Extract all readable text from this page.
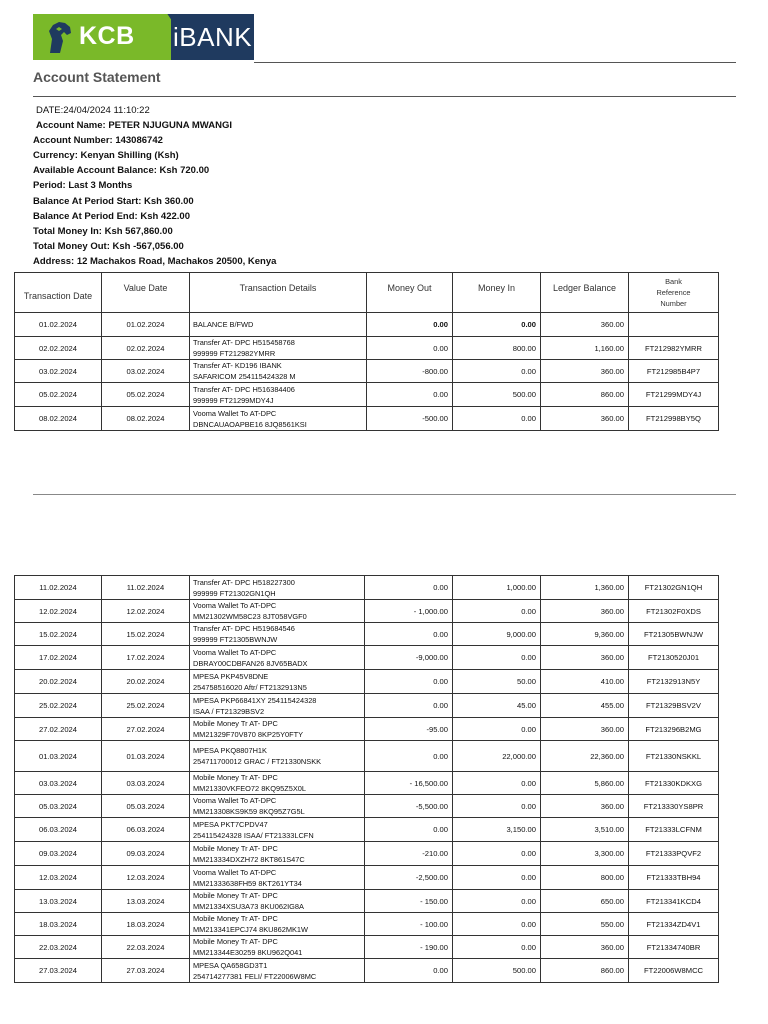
KCB iBANK
Account Statement
DATE:24/04/2024 11:10:22
Account Name: PETER NJUGUNA MWANGI
Account Number: 143086742
Currency: Kenyan Shilling (Ksh)
Available Account Balance: Ksh 720.00
Period: Last 3 Months
Balance At Period Start: Ksh 360.00
Balance At Period End: Ksh 422.00
Total Money In: Ksh 567,860.00
Total Money Out: Ksh -567,056.00
Address: 12 Machakos Road, Machakos 20500, Kenya
Transaction Date	Value Date	Transaction Details	Money Out	Money In	Ledger Balance	Bank
Reference
Number

01.02.2024	01.02.2024	BALANCE B/FWD	0.00	0.00	360.00	
02.02.2024	02.02.2024	Transfer AT- DPC H515458768
999999 FT212982YMRR	0.00	800.00	1,160.00	FT212982YMRR
03.02.2024	03.02.2024	Transfer AT- KD196 IBANK
SAFARICOM 254115424328 M	-800.00	0.00	360.00	FT212985B4P7
05.02.2024	05.02.2024	Transfer AT- DPC H516384406
999999 FT21299MDY4J	0.00	500.00	860.00	FT21299MDY4J
08.02.2024	08.02.2024	Vooma Wallet To AT-DPC
DBNCAUAOAPBE16 8JQ8561KSI	-500.00	0.00	360.00	FT212998BY5Q
11.02.2024	11.02.2024	Transfer AT- DPC H518227300
999999 FT21302GN1QH	0.00	1,000.00	1,360.00	FT21302GN1QH
12.02.2024	12.02.2024	Vooma Wallet To AT-DPC
MM21302WM58C23 8JT058VGF0	- 1,000.00	0.00	360.00	FT21302F0XDS
15.02.2024	15.02.2024	Transfer AT- DPC H519684546
999999 FT21305BWNJW	0.00	9,000.00	9,360.00	FT21305BWNJW
17.02.2024	17.02.2024	Vooma Wallet To AT-DPC
DBRAY00CDBFAN26 8JV65BADX	-9,000.00	0.00	360.00	FT2130520J01
20.02.2024	20.02.2024	MPESA PKP45V8DNE
254758516020 Aftr/ FT2132913N5	0.00	50.00	410.00	FT2132913N5Y
25.02.2024	25.02.2024	MPESA PKP66841XY 254115424328
ISAA / FT21329BSV2	0.00	45.00	455.00	FT21329BSV2V
27.02.2024	27.02.2024	Mobile Money Tr AT- DPC
MM21329F70V870 8KP25Y0FTY	-95.00	0.00	360.00	FT213296B2MG
01.03.2024	01.03.2024	MPESA PKQ8807H1K
254711700012 GRAC / FT21330NSKK	0.00	22,000.00	22,360.00	FT21330NSKKL
03.03.2024	03.03.2024	Mobile Money Tr AT- DPC
MM21330VKFEO72 8KQ95Z5X0L	- 16,500.00	0.00	5,860.00	FT21330KDKXG
05.03.2024	05.03.2024	Vooma Wallet To AT-DPC
MM213308KS9K59 8KQ95Z7G5L	-5,500.00	0.00	360.00	FT213330YS8PR
06.03.2024	06.03.2024	MPESA PKT7CPDV47
254115424328 ISAA/ FT21333LCFN	0.00	3,150.00	3,510.00	FT21333LCFNM
09.03.2024	09.03.2024	Mobile Money Tr AT- DPC
MM213334DXZH72 8KT861S47C	-210.00	0.00	3,300.00	FT21333PQVF2
12.03.2024	12.03.2024	Vooma Wallet To AT-DPC
MM21333638FH59 8KT261YT34	-2,500.00	0.00	800.00	FT21333TBH94
13.03.2024	13.03.2024	Mobile Money Tr AT- DPC
MM21334XSU3A73 8KU062IG8A	- 150.00	0.00	650.00	FT213341KCD4
18.03.2024	18.03.2024	Mobile Money Tr AT- DPC
MM213341EPCJ74 8KU862MK1W	- 100.00	0.00	550.00	FT21334ZD4V1
22.03.2024	22.03.2024	Mobile Money Tr AT- DPC
MM213344E30259 8KU962Q041	- 190.00	0.00	360.00	FT21334740BR
27.03.2024	27.03.2024	MPESA QA658GD3T1
254714277381 FELI/ FT22006W8MC	0.00	500.00	860.00	FT22006W8MCC
